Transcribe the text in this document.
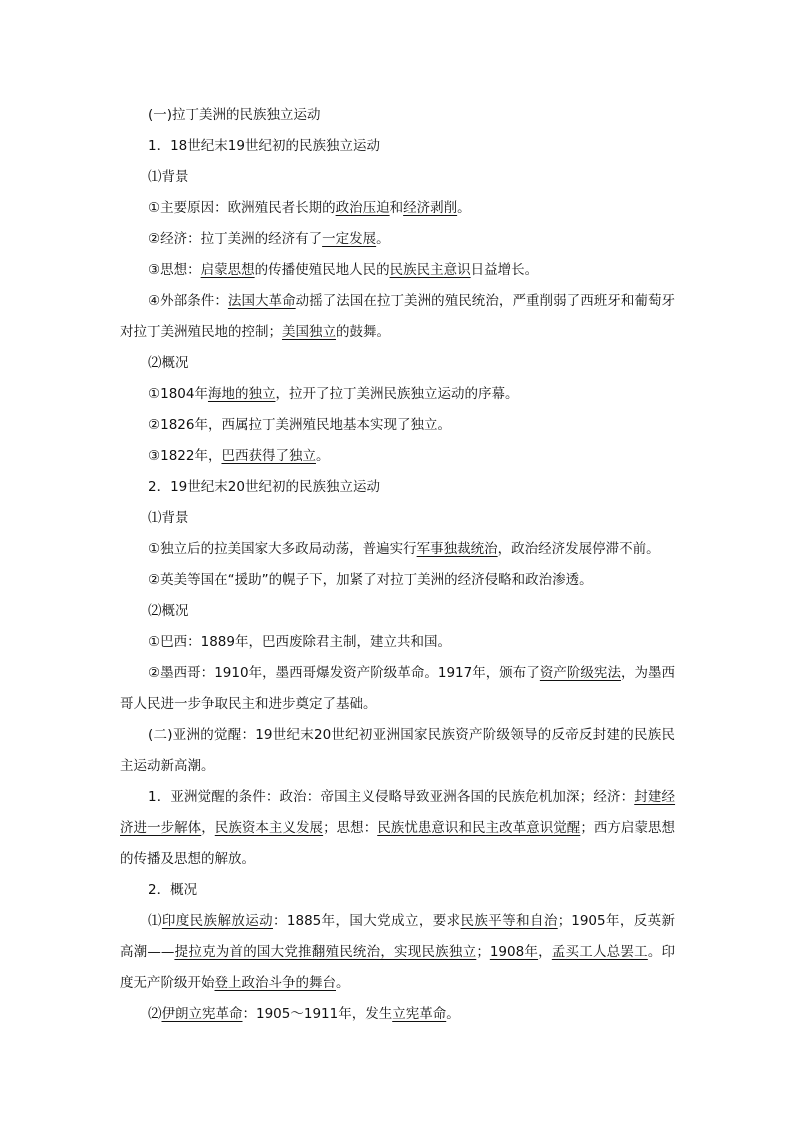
(一)拉丁美洲的民族独立运动
1．18世纪末19世纪初的民族独立运动
⑴背景
①主要原因：欧洲殖民者长期的政治压迫和经济剥削。
②经济：拉丁美洲的经济有了一定发展。
③思想：启蒙思想的传播使殖民地人民的民族民主意识日益增长。
④外部条件：法国大革命动摇了法国在拉丁美洲的殖民统治，严重削弱了西班牙和葡萄牙对拉丁美洲殖民地的控制；美国独立的鼓舞。
⑵概况
①1804年海地的独立，拉开了拉丁美洲民族独立运动的序幕。
②1826年，西属拉丁美洲殖民地基本实现了独立。
③1822年，巴西获得了独立。
2．19世纪末20世纪初的民族独立运动
⑴背景
①独立后的拉美国家大多政局动荡，普遍实行军事独裁统治，政治经济发展停滞不前。
②英美等国在“援助”的幌子下，加紧了对拉丁美洲的经济侵略和政治渗透。
⑵概况
①巴西：1889年，巴西废除君主制，建立共和国。
②墨西哥：1910年，墨西哥爆发资产阶级革命。1917年，颁布了资产阶级宪法，为墨西哥人民进一步争取民主和进步奠定了基础。
(二)亚洲的觉醒：19世纪末20世纪初亚洲国家民族资产阶级领导的反帝反封建的民族民主运动新高潮。
1．亚洲觉醒的条件：政治：帝国主义侵略导致亚洲各国的民族危机加深；经济：封建经济进一步解体，民族资本主义发展；思想：民族忧患意识和民主改革意识觉醒；西方启蒙思想的传播及思想的解放。
2．概况
⑴印度民族解放运动：1885年，国大党成立，要求民族平等和自治；1905年，反英新高潮——提拉克为首的国大党推翻殖民统治，实现民族独立；1908年，孟买工人总罢工。印度无产阶级开始登上政治斗争的舞台。
⑵伊朗立宪革命：1905～1911年，发生立宪革命。
